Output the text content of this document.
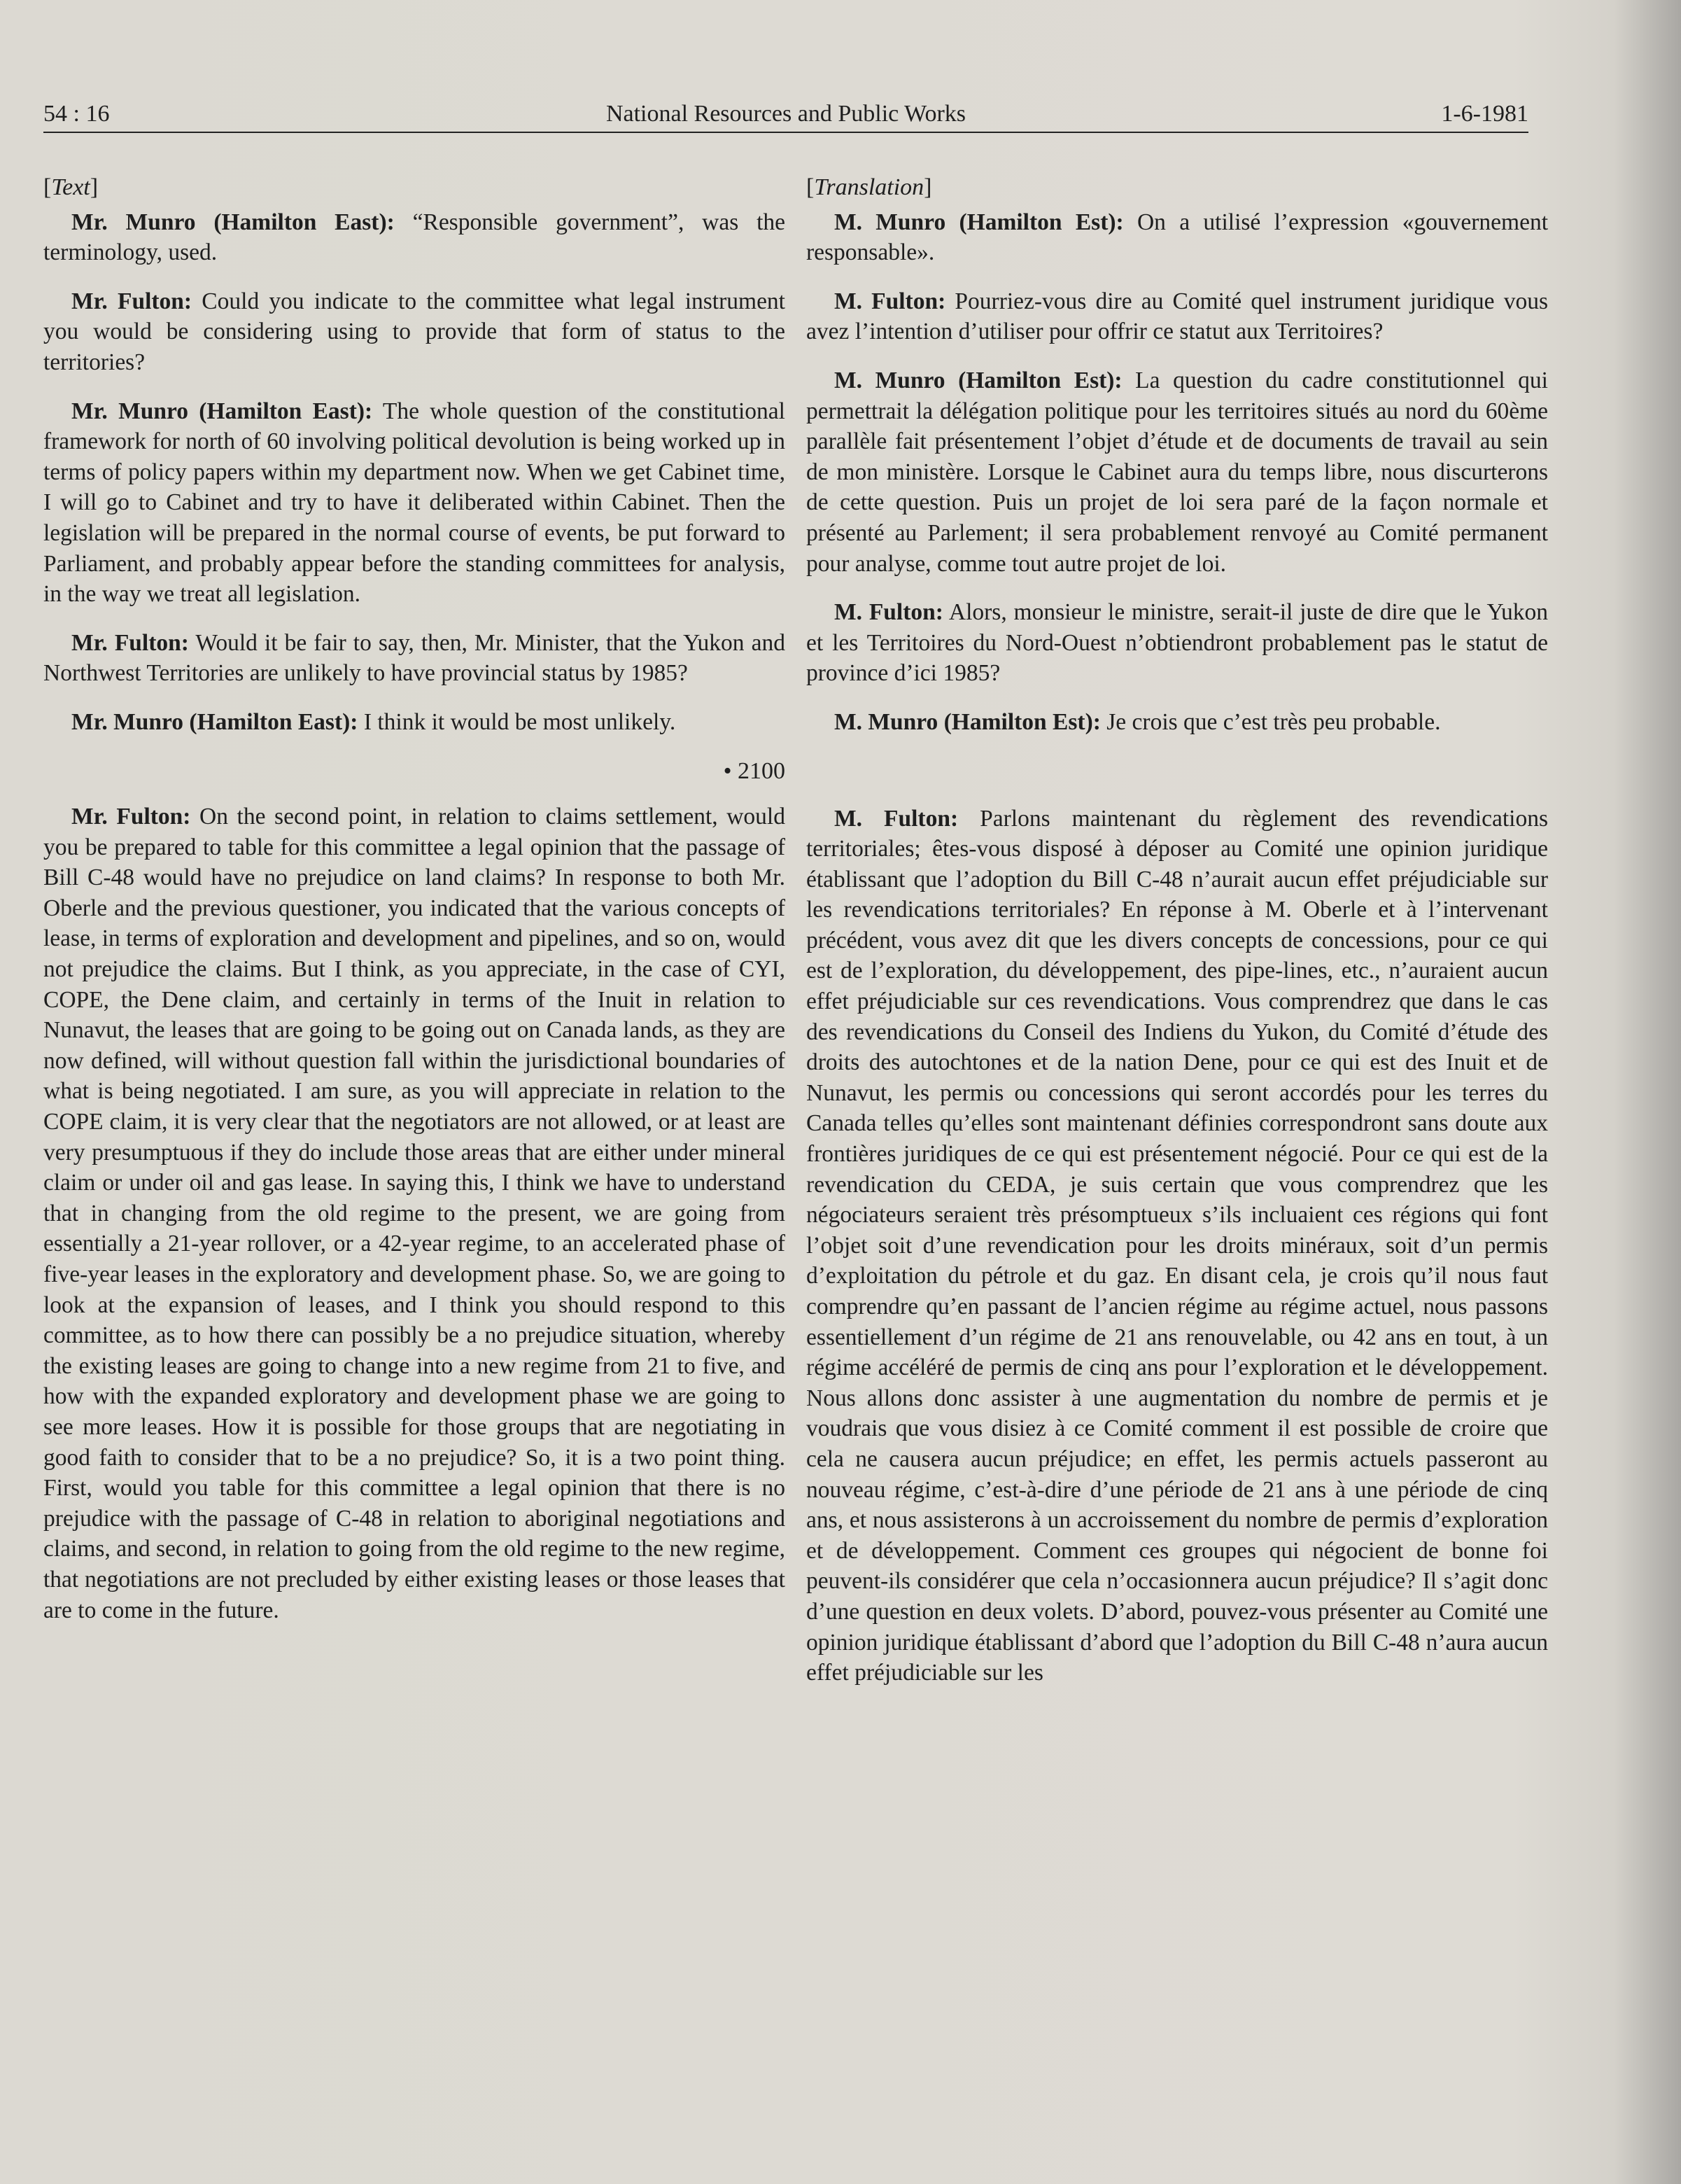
54 : 16	National Resources and Public Works	1-6-1981

[Text]

Mr. Munro (Hamilton East): “Responsible government”, was the terminology, used.

Mr. Fulton: Could you indicate to the committee what legal instrument you would be considering using to provide that form of status to the territories?

Mr. Munro (Hamilton East): The whole question of the constitutional framework for north of 60 involving political devolution is being worked up in terms of policy papers within my department now. When we get Cabinet time, I will go to Cabinet and try to have it deliberated within Cabinet. Then the legislation will be prepared in the normal course of events, be put forward to Parliament, and probably appear before the standing committees for analysis, in the way we treat all legislation.

Mr. Fulton: Would it be fair to say, then, Mr. Minister, that the Yukon and Northwest Territories are unlikely to have provincial status by 1985?

Mr. Munro (Hamilton East): I think it would be most unlikely.

• 2100

Mr. Fulton: On the second point, in relation to claims settlement, would you be prepared to table for this committee a legal opinion that the passage of Bill C-48 would have no prejudice on land claims? In response to both Mr. Oberle and the previous questioner, you indicated that the various concepts of lease, in terms of exploration and development and pipelines, and so on, would not prejudice the claims. But I think, as you appreciate, in the case of CYI, COPE, the Dene claim, and certainly in terms of the Inuit in relation to Nunavut, the leases that are going to be going out on Canada lands, as they are now defined, will without question fall within the jurisdictional boundaries of what is being negotiated. I am sure, as you will appreciate in relation to the COPE claim, it is very clear that the negotiators are not allowed, or at least are very presumptuous if they do include those areas that are either under mineral claim or under oil and gas lease. In saying this, I think we have to understand that in changing from the old regime to the present, we are going from essentially a 21-year rollover, or a 42-year regime, to an accelerated phase of five-year leases in the exploratory and development phase. So, we are going to look at the expansion of leases, and I think you should respond to this committee, as to how there can possibly be a no prejudice situation, whereby the existing leases are going to change into a new regime from 21 to five, and how with the expanded exploratory and development phase we are going to see more leases. How it is possible for those groups that are negotiating in good faith to consider that to be a no prejudice? So, it is a two point thing. First, would you table for this committee a legal opinion that there is no prejudice with the passage of C-48 in relation to aboriginal negotiations and claims, and second, in relation to going from the old regime to the new regime, that negotiations are not precluded by either existing leases or those leases that are to come in the future.

[Translation]

M. Munro (Hamilton Est): On a utilisé l’expression «gouvernement responsable».

M. Fulton: Pourriez-vous dire au Comité quel instrument juridique vous avez l’intention d’utiliser pour offrir ce statut aux Territoires?

M. Munro (Hamilton Est): La question du cadre constitutionnel qui permettrait la délégation politique pour les territoires situés au nord du 60ème parallèle fait présentement l’objet d’étude et de documents de travail au sein de mon ministère. Lorsque le Cabinet aura du temps libre, nous discurterons de cette question. Puis un projet de loi sera paré de la façon normale et présenté au Parlement; il sera probablement renvoyé au Comité permanent pour analyse, comme tout autre projet de loi.

M. Fulton: Alors, monsieur le ministre, serait-il juste de dire que le Yukon et les Territoires du Nord-Ouest n’obtiendront probablement pas le statut de province d’ici 1985?

M. Munro (Hamilton Est): Je crois que c’est très peu probable.

M. Fulton: Parlons maintenant du règlement des revendications territoriales; êtes-vous disposé à déposer au Comité une opinion juridique établissant que l’adoption du Bill C-48 n’aurait aucun effet préjudiciable sur les revendications territoriales? En réponse à M. Oberle et à l’intervenant précédent, vous avez dit que les divers concepts de concessions, pour ce qui est de l’exploration, du développement, des pipe-lines, etc., n’auraient aucun effet préjudiciable sur ces revendications. Vous comprendrez que dans le cas des revendications du Conseil des Indiens du Yukon, du Comité d’étude des droits des autochtones et de la nation Dene, pour ce qui est des Inuit et de Nunavut, les permis ou concessions qui seront accordés pour les terres du Canada telles qu’elles sont maintenant définies correspondront sans doute aux frontières juridiques de ce qui est présentement négocié. Pour ce qui est de la revendication du CEDA, je suis certain que vous comprendrez que les négociateurs seraient très présomptueux s’ils incluaient ces régions qui font l’objet soit d’une revendication pour les droits minéraux, soit d’un permis d’exploitation du pétrole et du gaz. En disant cela, je crois qu’il nous faut comprendre qu’en passant de l’ancien régime au régime actuel, nous passons essentiellement d’un régime de 21 ans renouvelable, ou 42 ans en tout, à un régime accéléré de permis de cinq ans pour l’exploration et le développement. Nous allons donc assister à une augmentation du nombre de permis et je voudrais que vous disiez à ce Comité comment il est possible de croire que cela ne causera aucun préjudice; en effet, les permis actuels passeront au nouveau régime, c’est-à-dire d’une période de 21 ans à une période de cinq ans, et nous assisterons à un accroissement du nombre de permis d’exploration et de développement. Comment ces groupes qui négocient de bonne foi peuvent-ils considérer que cela n’occasionnera aucun préjudice? Il s’agit donc d’une question en deux volets. D’abord, pouvez-vous présenter au Comité une opinion juridique établissant d’abord que l’adoption du Bill C-48 n’aura aucun effet préjudiciable sur les
